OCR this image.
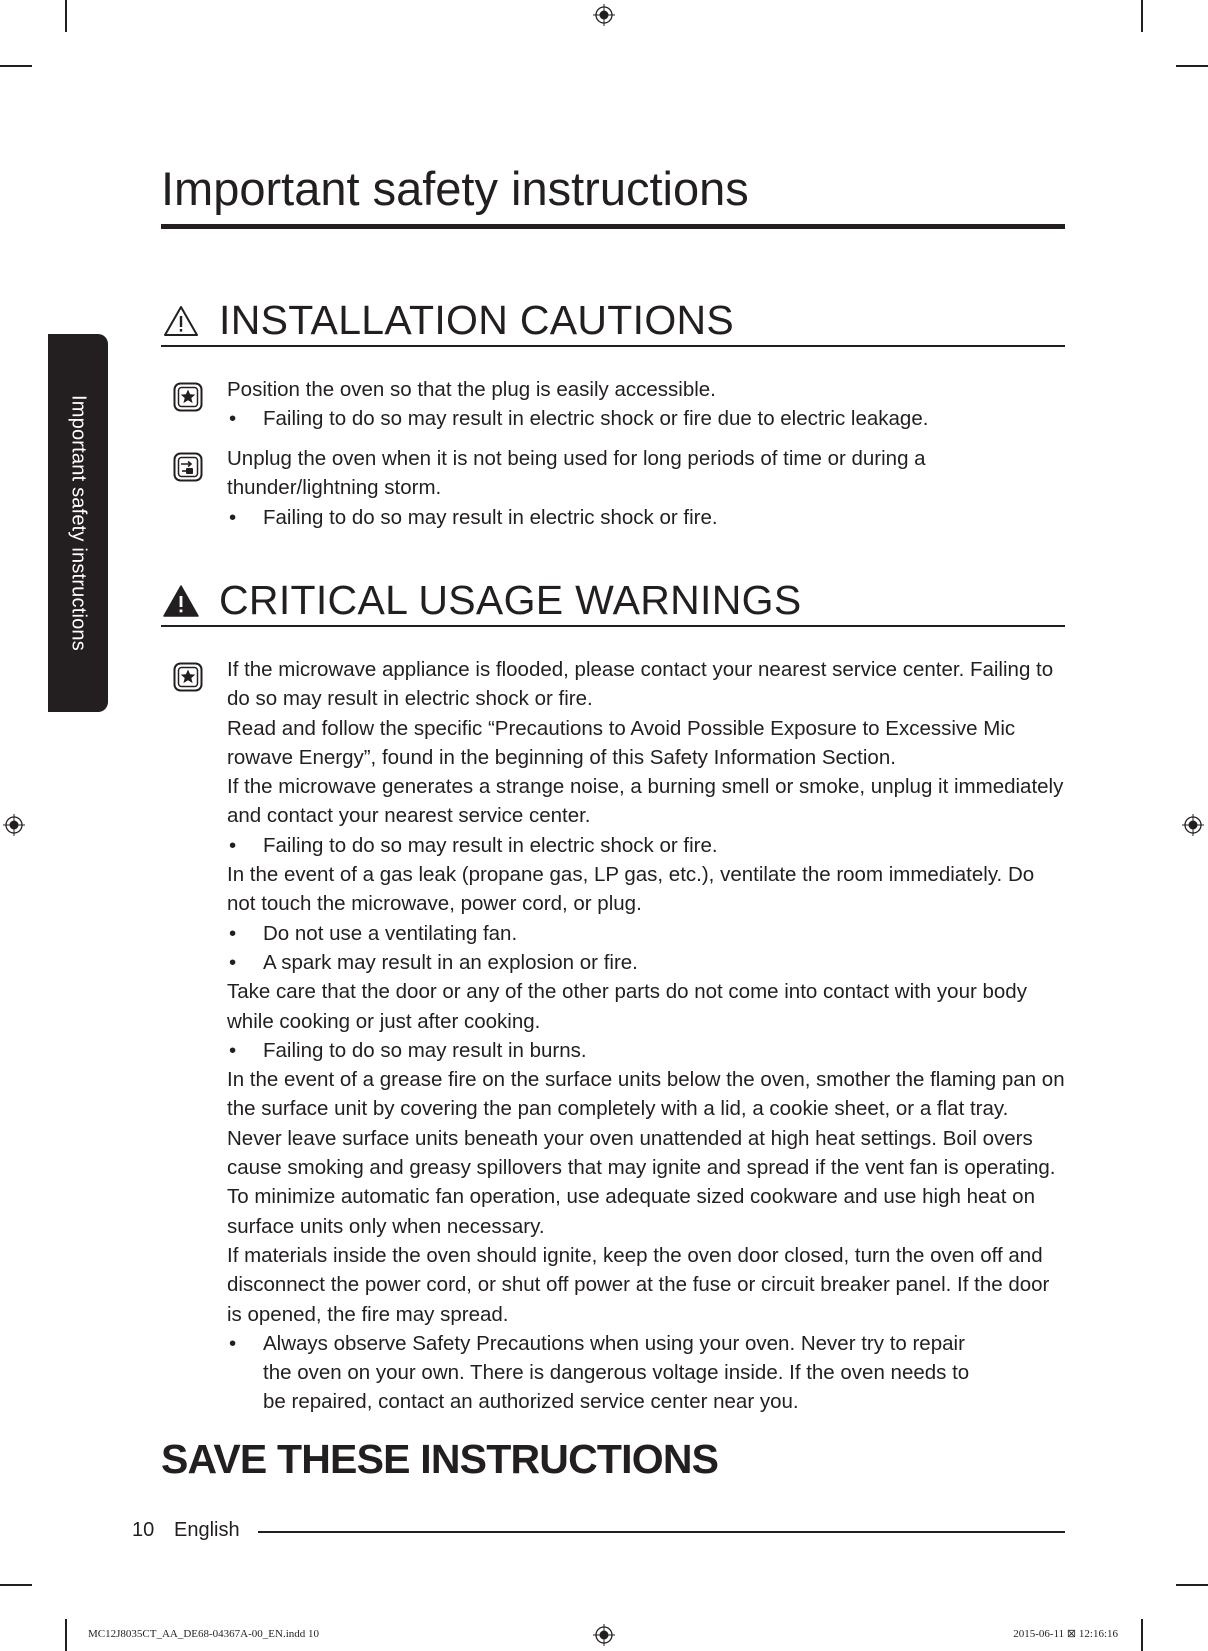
Important safety instructions
Important safety instructions
INSTALLATION CAUTIONS

Position the oven so that the plug is easily accessible.

• Failing to do so may result in electric shock or fire due to electric leakage.

Unplug the oven when it is not being used for long periods of time or during a thunder/lightning storm.

• Failing to do so may result in electric shock or fire.

CRITICAL USAGE WARNINGS

If the microwave appliance is flooded, please contact your nearest service center. Failing to do so may result in electric shock or fire.

Read and follow the specific “Precautions to Avoid Possible Exposure to Excessive Mic rowave Energy”, found in the beginning of this Safety Information Section.

If the microwave generates a strange noise, a burning smell or smoke, unplug it immediately and contact your nearest service center.

• Failing to do so may result in electric shock or fire.

In the event of a gas leak (propane gas, LP gas, etc.), ventilate the room immediately. Do not touch the microwave, power cord, or plug.

• Do not use a ventilating fan.

• A spark may result in an explosion or fire.

Take care that the door or any of the other parts do not come into contact with your body while cooking or just after cooking.

• Failing to do so may result in burns.

In the event of a grease fire on the surface units below the oven, smother the flaming pan on the surface unit by covering the pan completely with a lid, a cookie sheet, or a flat tray. Never leave surface units beneath your oven unattended at high heat settings. Boil overs cause smoking and greasy spillovers that may ignite and spread if the vent fan is operating. To minimize automatic fan operation, use adequate sized cookware and use high heat on surface units only when necessary.

If materials inside the oven should ignite, keep the oven door closed, turn the oven off and disconnect the power cord, or shut off power at the fuse or circuit breaker panel. If the door is opened, the fire may spread.

• Always observe Safety Precautions when using your oven. Never try to repair the oven on your own. There is dangerous voltage inside. If the oven needs to be repaired, contact an authorized service center near you.

SAVE THESE INSTRUCTIONS
10 English
MC12J8035CT_AA_DE68-04367A-00_EN.indd 10	2015-06-11 ⊠ 12:16:16
